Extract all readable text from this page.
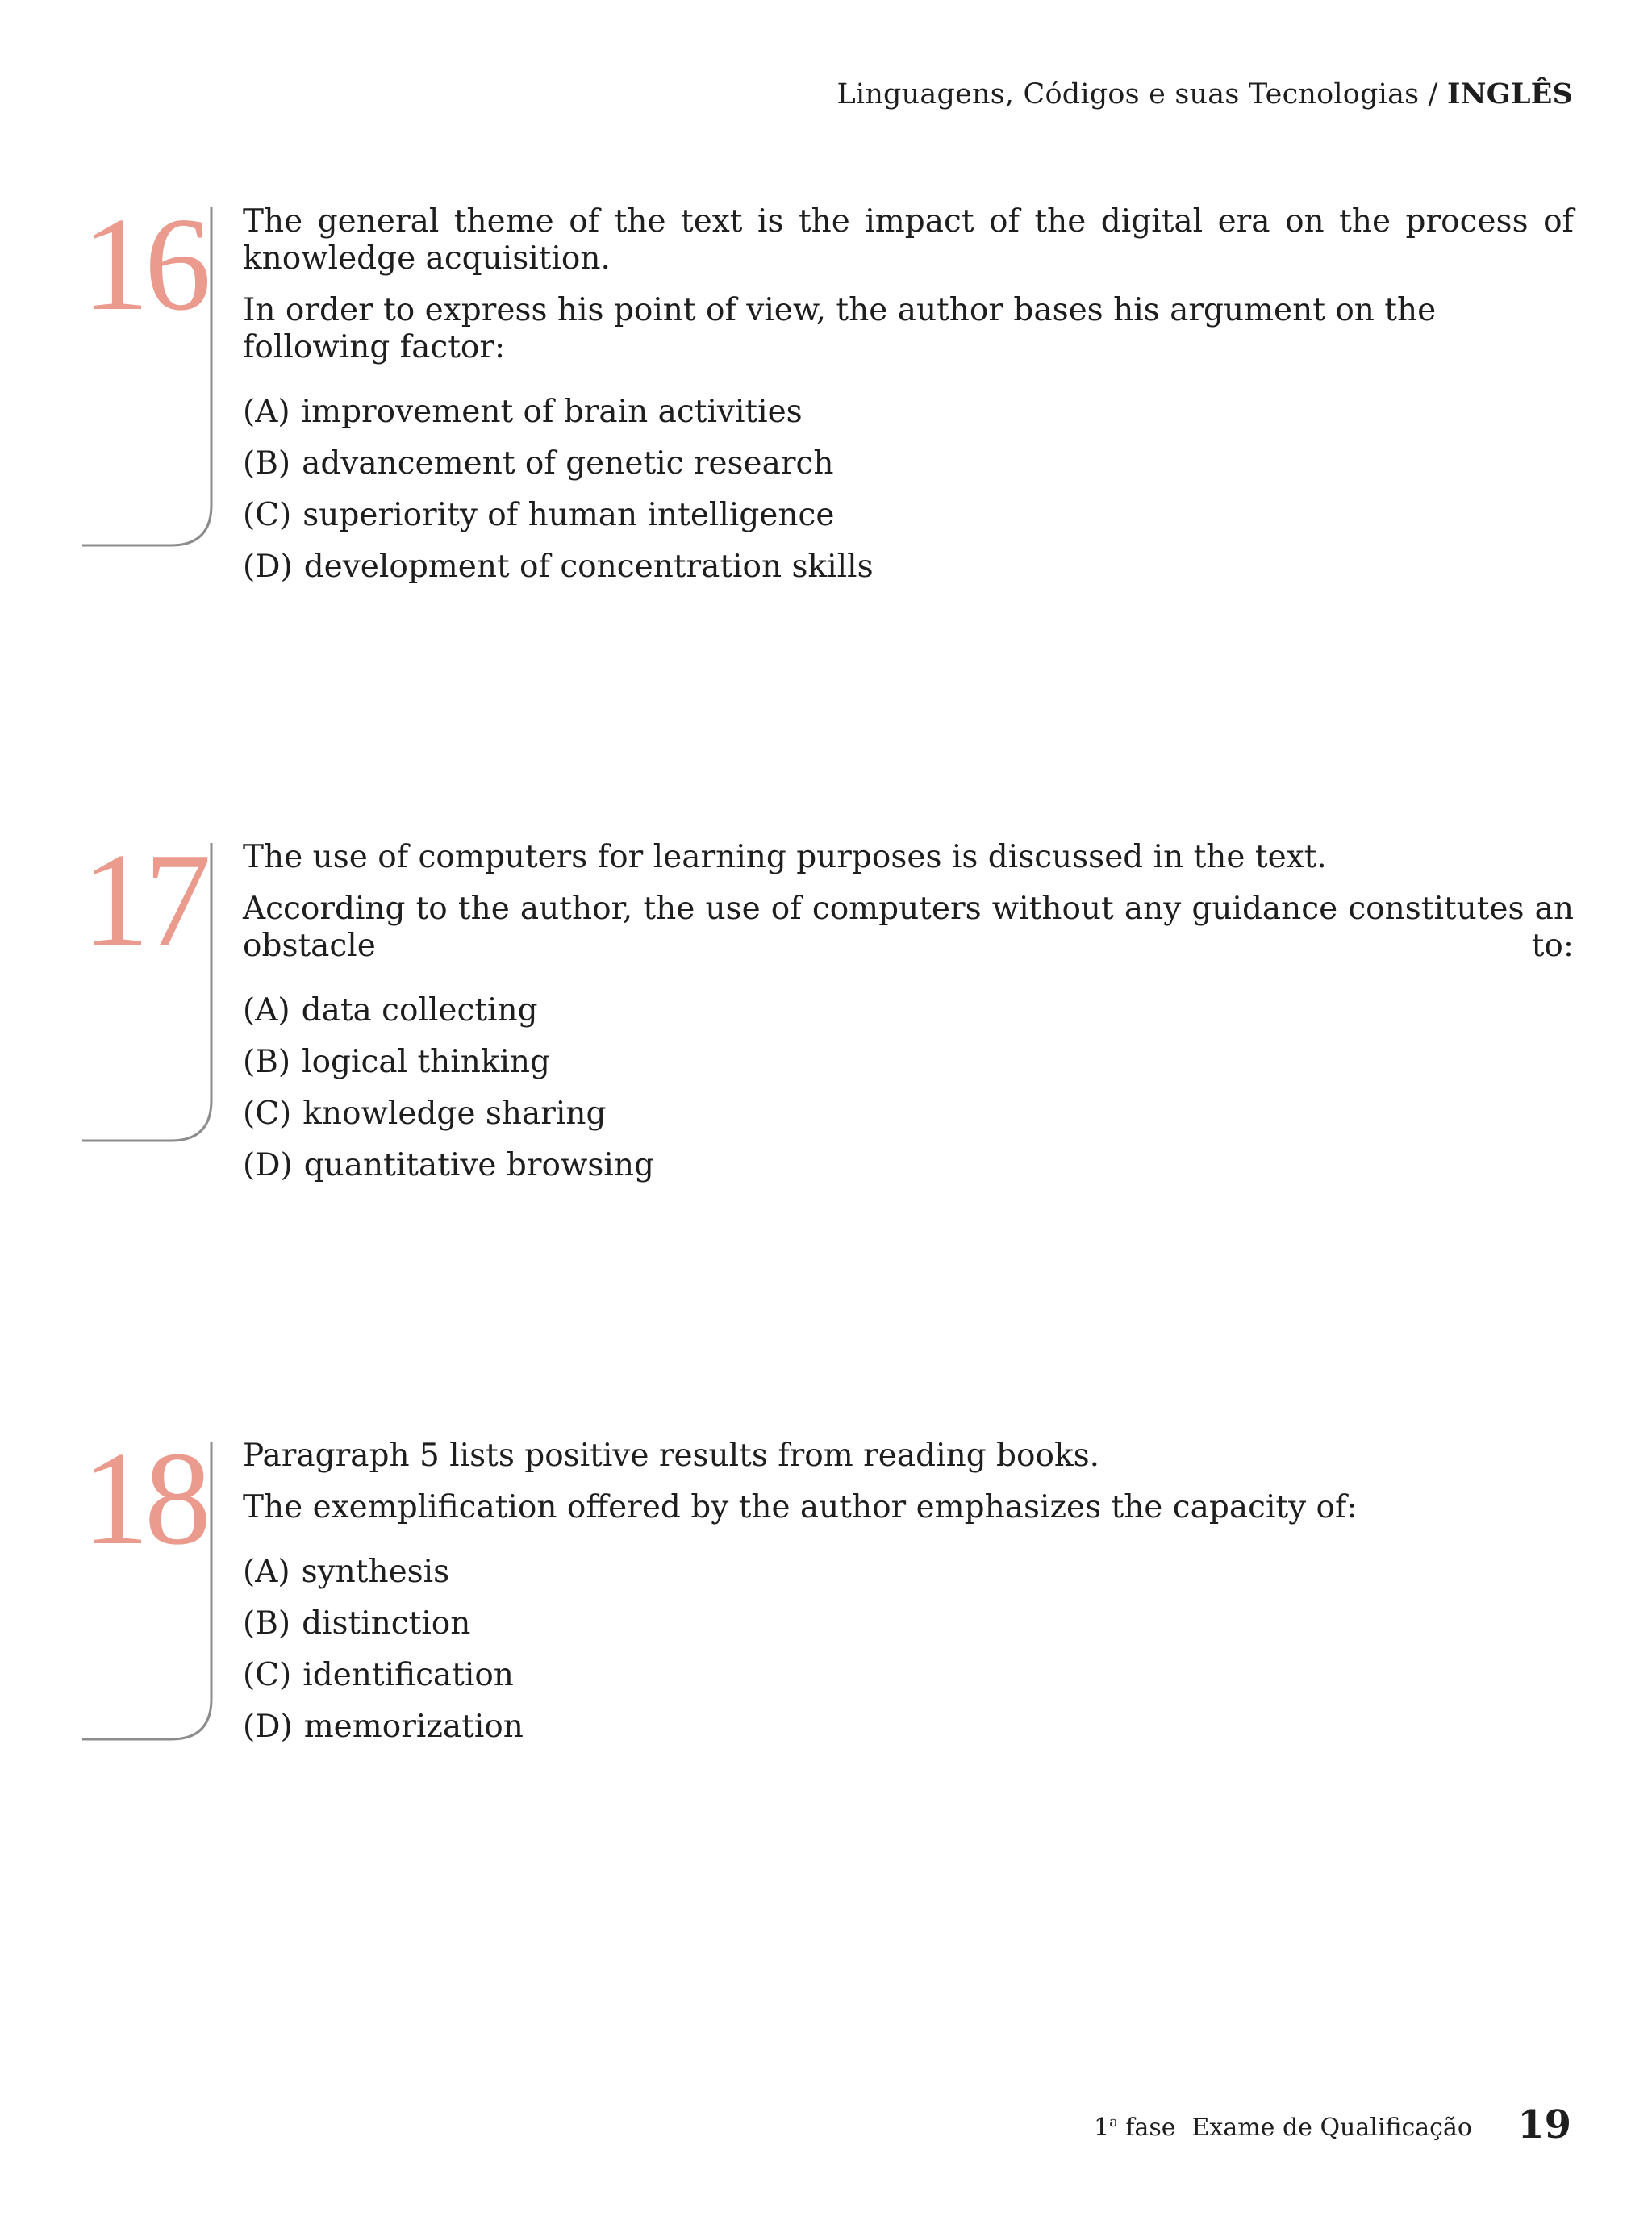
Linguagens, Códigos e suas Tecnologias / INGLÊS
16 The general theme of the text is the impact of the digital era on the process of knowledge acquisition.

In order to express his point of view, the author bases his argument on the following factor:

(A) improvement of brain activities
(B) advancement of genetic research
(C) superiority of human intelligence
(D) development of concentration skills
17 The use of computers for learning purposes is discussed in the text.

According to the author, the use of computers without any guidance constitutes an obstacle to:

(A) data collecting
(B) logical thinking
(C) knowledge sharing
(D) quantitative browsing
18 Paragraph 5 lists positive results from reading books.

The exemplification offered by the author emphasizes the capacity of:

(A) synthesis
(B) distinction
(C) identification
(D) memorization
1$^a$ fase Exame de Qualificação 19
